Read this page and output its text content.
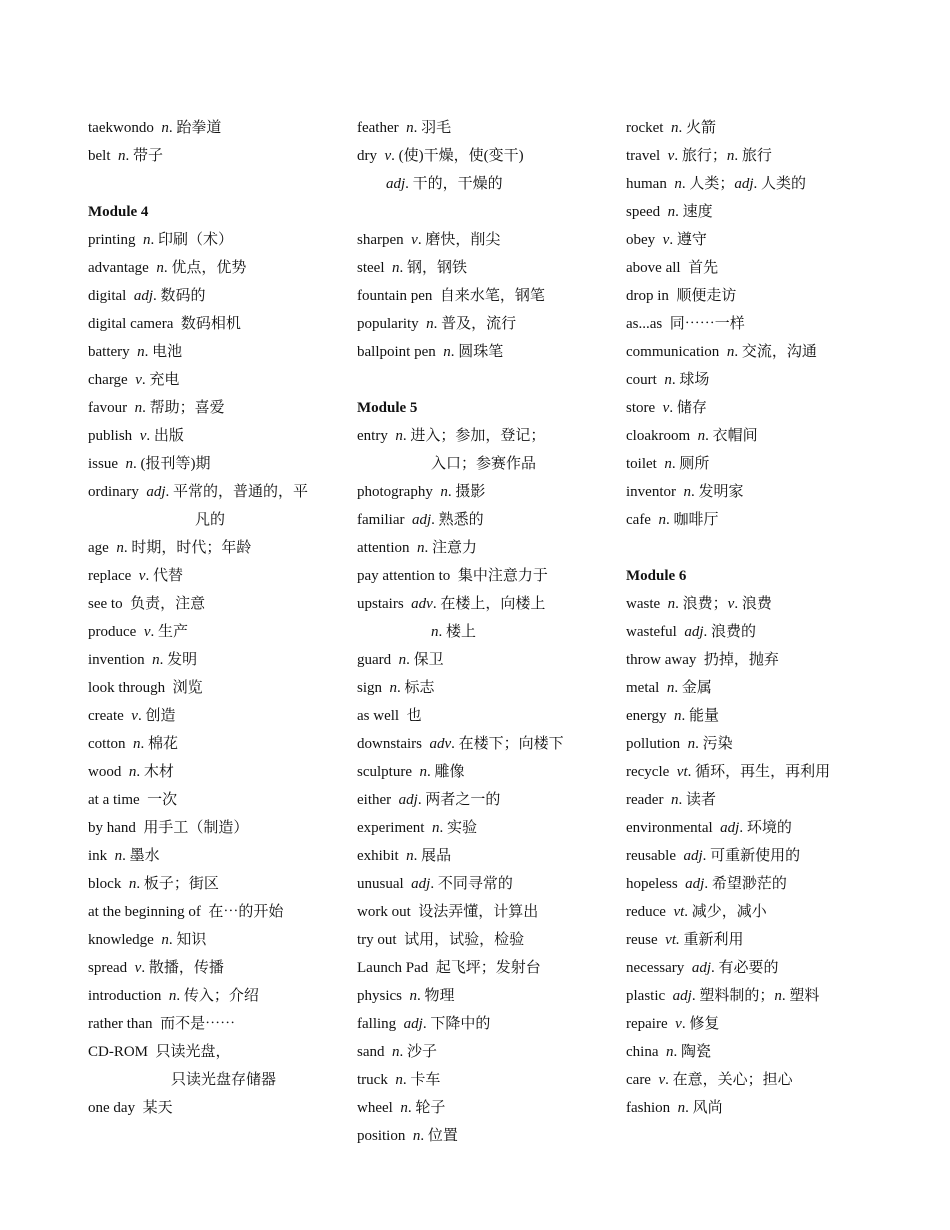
taekwondo n. 跆拳道
belt n. 带子
Module 4
printing n. 印刷（术）
advantage n. 优点，优势
digital adj. 数码的
digital camera 数码相机
battery n. 电池
charge v. 充电
favour n. 帮助；喜爱
publish v. 出版
issue n. (报刊等)期
ordinary adj. 平常的，普通的，平
凡的
age n. 时期，时代；年龄
replace v. 代替
see to 负责，注意
produce v. 生产
invention n. 发明
look through 浏览
create v. 创造
cotton n. 棉花
wood n. 木材
at a time 一次
by hand 用手工（制造）
ink n. 墨水
block n. 板子；街区
at the beginning of 在⋯的开始
knowledge n. 知识
spread v. 散播，传播
introduction n. 传入；介绍
rather than 而不是⋯⋯
CD-ROM 只读光盘，
只读光盘存储器
one day 某天
feather n. 羽毛
dry v. (使)干燥，使(变干)
adj. 干的，干燥的
sharpen v. 磨快，削尖
steel n. 钢，钢铁
fountain pen 自来水笔，钢笔
popularity n. 普及，流行
ballpoint pen n. 圆珠笔
Module 5
entry n. 进入；参加，登记；
入口；参赛作品
photography n. 摄影
familiar adj. 熟悉的
attention n. 注意力
pay attention to 集中注意力于
upstairs adv. 在楼上，向楼上
n. 楼上
guard n. 保卫
sign n. 标志
as well 也
downstairs adv. 在楼下；向楼下
sculpture n. 雕像
either adj. 两者之一的
experiment n. 实验
exhibit n. 展品
unusual adj. 不同寻常的
work out 设法弄懂，计算出
try out 试用，试验，检验
Launch Pad 起飞坪；发射台
physics n. 物理
falling adj. 下降中的
sand n. 沙子
truck n. 卡车
wheel n. 轮子
position n. 位置
rocket n. 火箭
travel v. 旅行；n. 旅行
human n. 人类；adj. 人类的
speed n. 速度
obey v. 遵守
above all 首先
drop in 顺便走访
as...as 同⋯⋯一样
communication n. 交流，沟通
court n. 球场
store v. 储存
cloakroom n. 衣帽间
toilet n. 厕所
inventor n. 发明家
cafe n. 咖啡厅
Module 6
waste n. 浪费；v. 浪费
wasteful adj. 浪费的
throw away  扔掉，抛弃
metal n. 金属
energy n. 能量
pollution n. 污染
recycle vt. 循环，再生，再利用
reader n. 读者
environmental adj. 环境的
reusable adj. 可重新使用的
hopeless adj. 希望渺茫的
reduce vt. 减少，减小
reuse vt. 重新利用
necessary adj. 有必要的
plastic adj. 塑料制的；n. 塑料
repaire v. 修复
china n. 陶瓷
care v. 在意，关心；担心
fashion n. 风尚
